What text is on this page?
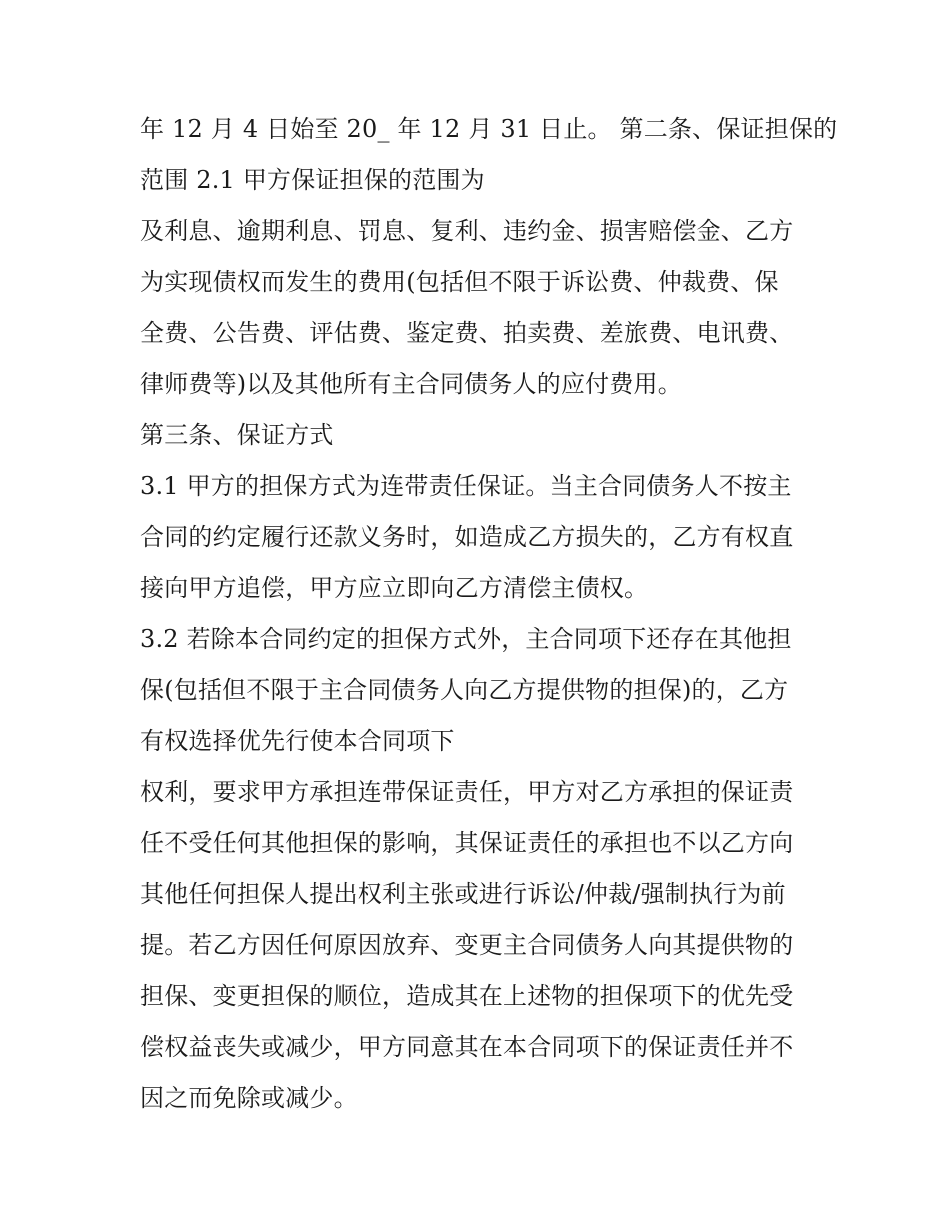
年 12 月 4 日始至 20_ 年 12 月 31 日止。 第二条、保证担保的
范围 2.1 甲方保证担保的范围为
及利息、逾期利息、罚息、复利、违约金、损害赔偿金、乙方
为实现债权而发生的费用(包括但不限于诉讼费、仲裁费、保
全费、公告费、评估费、鉴定费、拍卖费、差旅费、电讯费、
律师费等)以及其他所有主合同债务人的应付费用。
第三条、保证方式
3.1 甲方的担保方式为连带责任保证。当主合同债务人不按主
合同的约定履行还款义务时，如造成乙方损失的，乙方有权直
接向甲方追偿，甲方应立即向乙方清偿主债权。
3.2 若除本合同约定的担保方式外，主合同项下还存在其他担
保(包括但不限于主合同债务人向乙方提供物的担保)的，乙方
有权选择优先行使本合同项下
权利，要求甲方承担连带保证责任，甲方对乙方承担的保证责
任不受任何其他担保的影响，其保证责任的承担也不以乙方向
其他任何担保人提出权利主张或进行诉讼/仲裁/强制执行为前
提。若乙方因任何原因放弃、变更主合同债务人向其提供物的
担保、变更担保的顺位，造成其在上述物的担保项下的优先受
偿权益丧失或减少，甲方同意其在本合同项下的保证责任并不
因之而免除或减少。
